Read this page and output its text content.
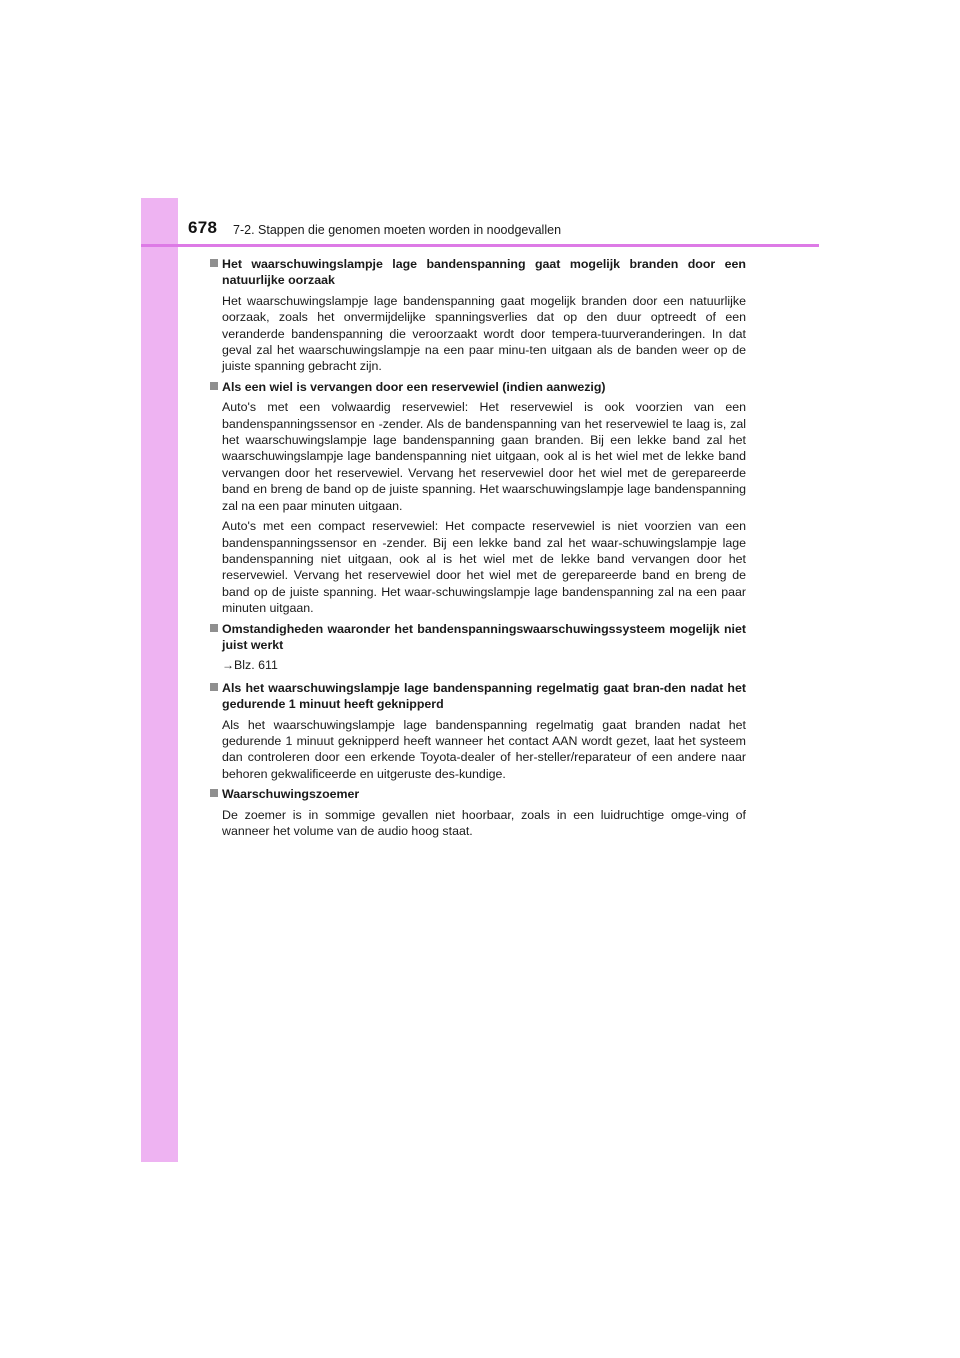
678 7-2. Stappen die genomen moeten worden in noodgevallen
Het waarschuwingslampje lage bandenspanning gaat mogelijk branden door een natuurlijke oorzaak
Het waarschuwingslampje lage bandenspanning gaat mogelijk branden door een natuurlijke oorzaak, zoals het onvermijdelijke spanningsverlies dat op den duur optreedt of een veranderde bandenspanning die veroorzaakt wordt door tempera-tuurveranderingen. In dat geval zal het waarschuwingslampje na een paar minu-ten uitgaan als de banden weer op de juiste spanning gebracht zijn.
Als een wiel is vervangen door een reservewiel (indien aanwezig)
Auto's met een volwaardig reservewiel: Het reservewiel is ook voorzien van een bandenspanningssensor en -zender. Als de bandenspanning van het reservewiel te laag is, zal het waarschuwingslampje lage bandenspanning gaan branden. Bij een lekke band zal het waarschuwingslampje lage bandenspanning niet uitgaan, ook al is het wiel met de lekke band vervangen door het reservewiel. Vervang het reservewiel door het wiel met de gerepareerde band en breng de band op de juiste spanning. Het waarschuwingslampje lage bandenspanning zal na een paar minuten uitgaan.
Auto's met een compact reservewiel: Het compacte reservewiel is niet voorzien van een bandenspanningssensor en -zender. Bij een lekke band zal het waar-schuwingslampje lage bandenspanning niet uitgaan, ook al is het wiel met de lekke band vervangen door het reservewiel. Vervang het reservewiel door het wiel met de gerepareerde band en breng de band op de juiste spanning. Het waar-schuwingslampje lage bandenspanning zal na een paar minuten uitgaan.
Omstandigheden waaronder het bandenspanningswaarschuwingssysteem mogelijk niet juist werkt
→Blz. 611
Als het waarschuwingslampje lage bandenspanning regelmatig gaat bran-den nadat het gedurende 1 minuut heeft geknipperd
Als het waarschuwingslampje lage bandenspanning regelmatig gaat branden nadat het gedurende 1 minuut geknipperd heeft wanneer het contact AAN wordt gezet, laat het systeem dan controleren door een erkende Toyota-dealer of her-steller/reparateur of een andere naar behoren gekwalificeerde en uitgeruste des-kundige.
Waarschuwingszoemer
De zoemer is in sommige gevallen niet hoorbaar, zoals in een luidruchtige omge-ving of wanneer het volume van de audio hoog staat.
